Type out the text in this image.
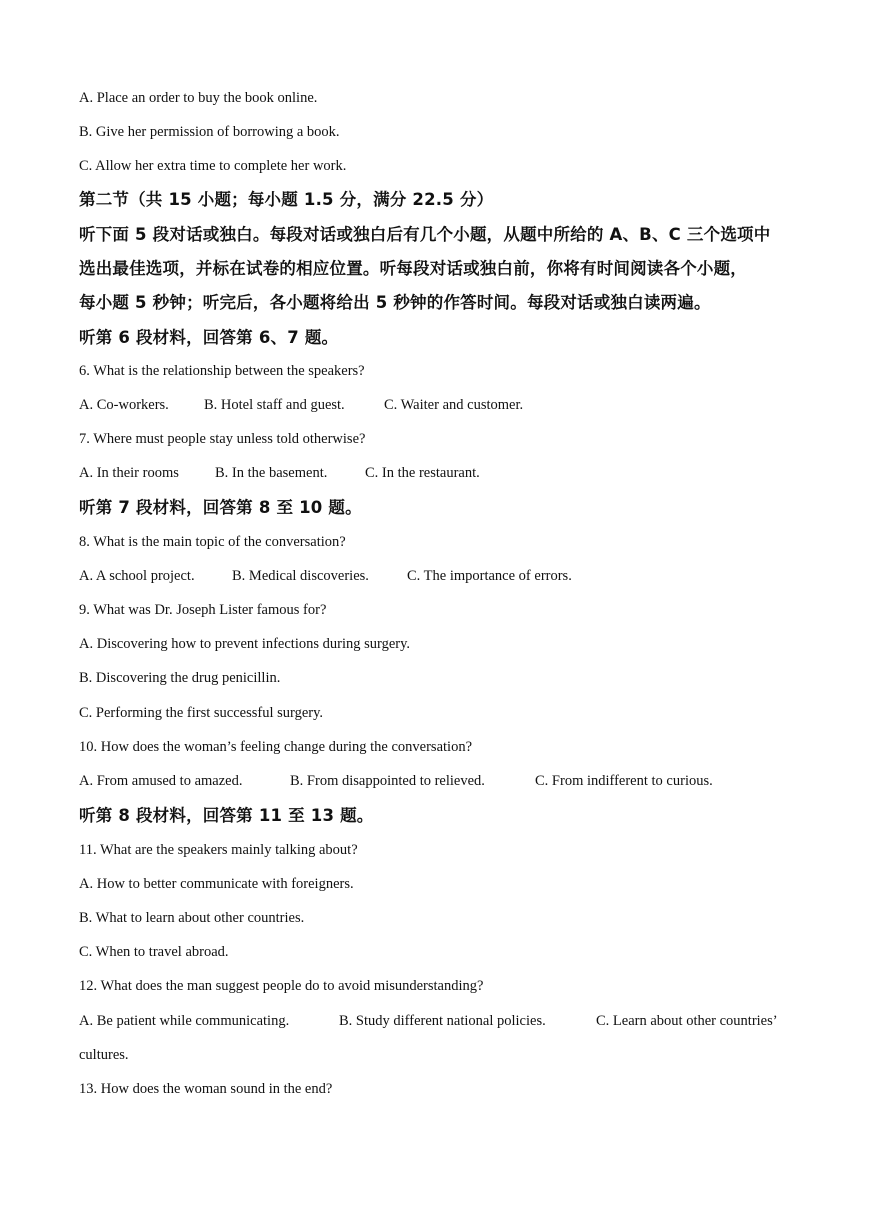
A. Place an order to buy the book online.
B. Give her permission of borrowing a book.
C. Allow her extra time to complete her work.
第二节（共 15 小题；每小题 1.5 分，满分 22.5 分）
听下面 5 段对话或独白。每段对话或独白后有几个小题，从题中所给的 A、B、C 三个选项中
选出最佳选项，并标在试卷的相应位置。听每段对话或独白前，你将有时间阅读各个小题，
每小题 5 秒钟；听完后，各小题将给出 5 秒钟的作答时间。每段对话或独白读两遍。
听第 6 段材料，回答第 6、7 题。
6. What is the relationship between the speakers?
A. Co-workers.	B. Hotel staff and guest.	C. Waiter and customer.
7. Where must people stay unless told otherwise?
A. In their rooms	B. In the basement.	C. In the restaurant.
听第 7 段材料，回答第 8 至 10 题。
8. What is the main topic of the conversation?
A. A school project.	B. Medical discoveries.	C. The importance of errors.
9. What was Dr. Joseph Lister famous for?
A. Discovering how to prevent infections during surgery.
B. Discovering the drug penicillin.
C. Performing the first successful surgery.
10. How does the woman’s feeling change during the conversation?
A. From amused to amazed.	B. From disappointed to relieved.	C. From indifferent to curious.
听第 8 段材料，回答第 11 至 13 题。
11. What are the speakers mainly talking about?
A. How to better communicate with foreigners.
B. What to learn about other countries.
C. When to travel abroad.
12. What does the man suggest people do to avoid misunderstanding?
A. Be patient while communicating.	B. Study different national policies.	C. Learn about other countries’
cultures.
13. How does the woman sound in the end?
